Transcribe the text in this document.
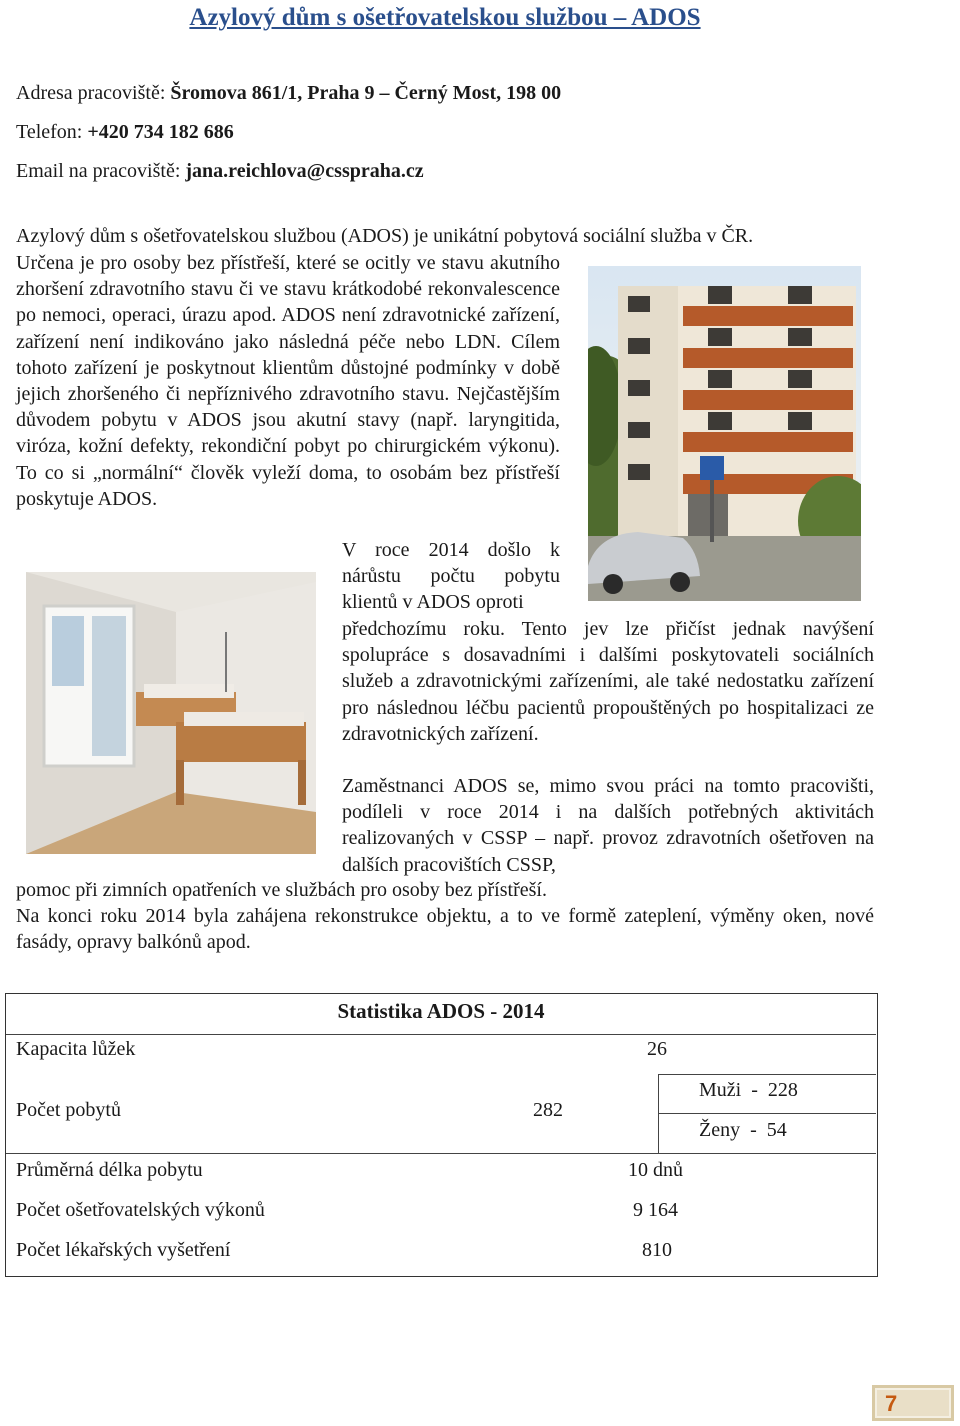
Azylový dům s ošetřovatelskou službou – ADOS
Adresa pracoviště: Šromova 861/1, Praha 9 – Černý Most, 198 00
Telefon: +420 734 182 686
Email na pracoviště: jana.reichlova@csspraha.cz
Azylový dům s ošetřovatelskou službou (ADOS) je unikátní pobytová sociální služba v ČR.

Určena je pro osoby bez přístřeší, které se ocitly ve stavu akutního zhoršení zdravotního stavu či ve stavu krátkodobé rekonvalescence po nemoci, operaci, úrazu apod. ADOS není zdravotnické zařízení, zařízení není indikováno jako následná péče nebo LDN. Cílem tohoto zařízení je poskytnout klientům důstojné podmínky v době jejich zhoršeného či nepříznivého zdravotního stavu. Nejčastějším důvodem pobytu v ADOS jsou akutní stavy (např. laryngitida, viróza, kožní defekty, rekondiční pobyt po chirurgickém výkonu). To co si „normální“ člověk vyleží doma, to osobám bez přístřeší poskytuje ADOS.

V roce 2014 došlo k nárůstu počtu pobytu klientů v ADOS oproti

předchozímu roku. Tento jev lze přičíst jednak navýšení spolupráce s dosavadními i dalšími poskytovateli sociálních služeb a zdravotnickými zařízeními, ale také nedostatku zařízení pro následnou léčbu pacientů propouštěných po hospitalizaci ze zdravotnických zařízení.

Zaměstnanci ADOS se, mimo svou práci na tomto pracovišti, podíleli v roce 2014 i na dalších potřebných aktivitách realizovaných v CSSP – např. provoz zdravotních ošetřoven na dalších pracovištích CSSP,

pomoc při zimních opatřeních ve službách pro osoby bez přístřeší.

Na konci roku 2014 byla zahájena rekonstrukce objektu, a to ve formě zateplení, výměny oken, nové fasády, opravy balkónů apod.

Statistika ADOS - 2014
Kapacita lůžek	26
Počet pobytů	282
Muži  -  228
Ženy  -  54
Průměrná délka pobytu	10 dnů
Počet ošetřovatelských výkonů	9 164
Počet lékařských vyšetření	810
7
